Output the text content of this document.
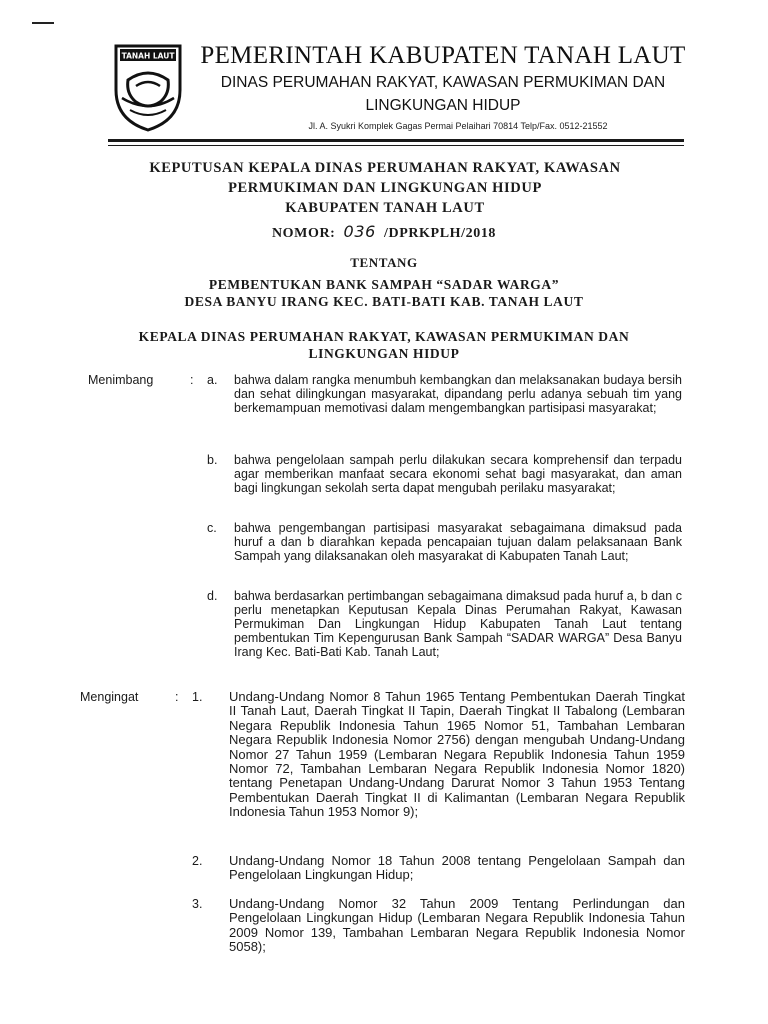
TANAH LAUT	PEMERINTAH KABUPATEN TANAH LAUT
DINAS PERUMAHAN RAKYAT, KAWASAN PERMUKIMAN DAN
LINGKUNGAN HIDUP
Jl. A. Syukri Komplek Gagas Permai Pelaihari 70814 Telp/Fax. 0512-21552
KEPUTUSAN KEPALA DINAS PERUMAHAN RAKYAT, KAWASAN
PERMUKIMAN DAN LINGKUNGAN HIDUP
KABUPATEN TANAH LAUT
NOMOR: 036 /DPRKPLH/2018
TENTANG
PEMBENTUKAN BANK SAMPAH “SADAR WARGA”
DESA BANYU IRANG KEC. BATI-BATI KAB. TANAH LAUT
KEPALA DINAS PERUMAHAN RAKYAT, KAWASAN PERMUKIMAN DAN
LINGKUNGAN HIDUP
Menimbang	: a. bahwa dalam rangka menumbuh kembangkan dan melaksanakan budaya bersih dan sehat dilingkungan masyarakat, dipandang perlu adanya sebuah tim yang berkemampuan memotivasi dalam mengembangkan partisipasi masyarakat;
b. bahwa pengelolaan sampah perlu dilakukan secara komprehensif dan terpadu agar memberikan manfaat secara ekonomi sehat bagi masyarakat, dan aman bagi lingkungan sekolah serta dapat mengubah perilaku masyarakat;
c. bahwa pengembangan partisipasi masyarakat sebagaimana dimaksud pada huruf a dan b diarahkan kepada pencapaian tujuan dalam pelaksanaan Bank Sampah yang dilaksanakan oleh masyarakat di Kabupaten Tanah Laut;
d. bahwa berdasarkan pertimbangan sebagaimana dimaksud pada huruf a, b dan c perlu menetapkan Keputusan Kepala Dinas Perumahan Rakyat, Kawasan Permukiman Dan Lingkungan Hidup Kabupaten Tanah Laut tentang pembentukan Tim Kepengurusan Bank Sampah “SADAR WARGA” Desa Banyu Irang Kec. Bati-Bati Kab. Tanah Laut;
Mengingat	: 1. Undang-Undang Nomor 8 Tahun 1965 Tentang Pembentukan Daerah Tingkat II Tanah Laut, Daerah Tingkat II Tapin, Daerah Tingkat II Tabalong (Lembaran Negara Republik Indonesia Tahun 1965 Nomor 51, Tambahan Lembaran Negara Republik Indonesia Nomor 2756) dengan mengubah Undang-Undang Nomor 27 Tahun 1959 (Lembaran Negara Republik Indonesia Tahun 1959 Nomor 72, Tambahan Lembaran Negara Republik Indonesia Nomor 1820) tentang Penetapan Undang-Undang Darurat Nomor 3 Tahun 1953 Tentang Pembentukan Daerah Tingkat II di Kalimantan (Lembaran Negara Republik Indonesia Tahun 1953 Nomor 9);
2. Undang-Undang Nomor 18 Tahun 2008 tentang Pengelolaan Sampah dan Pengelolaan Lingkungan Hidup;
3. Undang-Undang Nomor 32 Tahun 2009 Tentang Perlindungan dan Pengelolaan Lingkungan Hidup (Lembaran Negara Republik Indonesia Tahun 2009 Nomor 139, Tambahan Lembaran Negara Republik Indonesia Nomor 5058);
